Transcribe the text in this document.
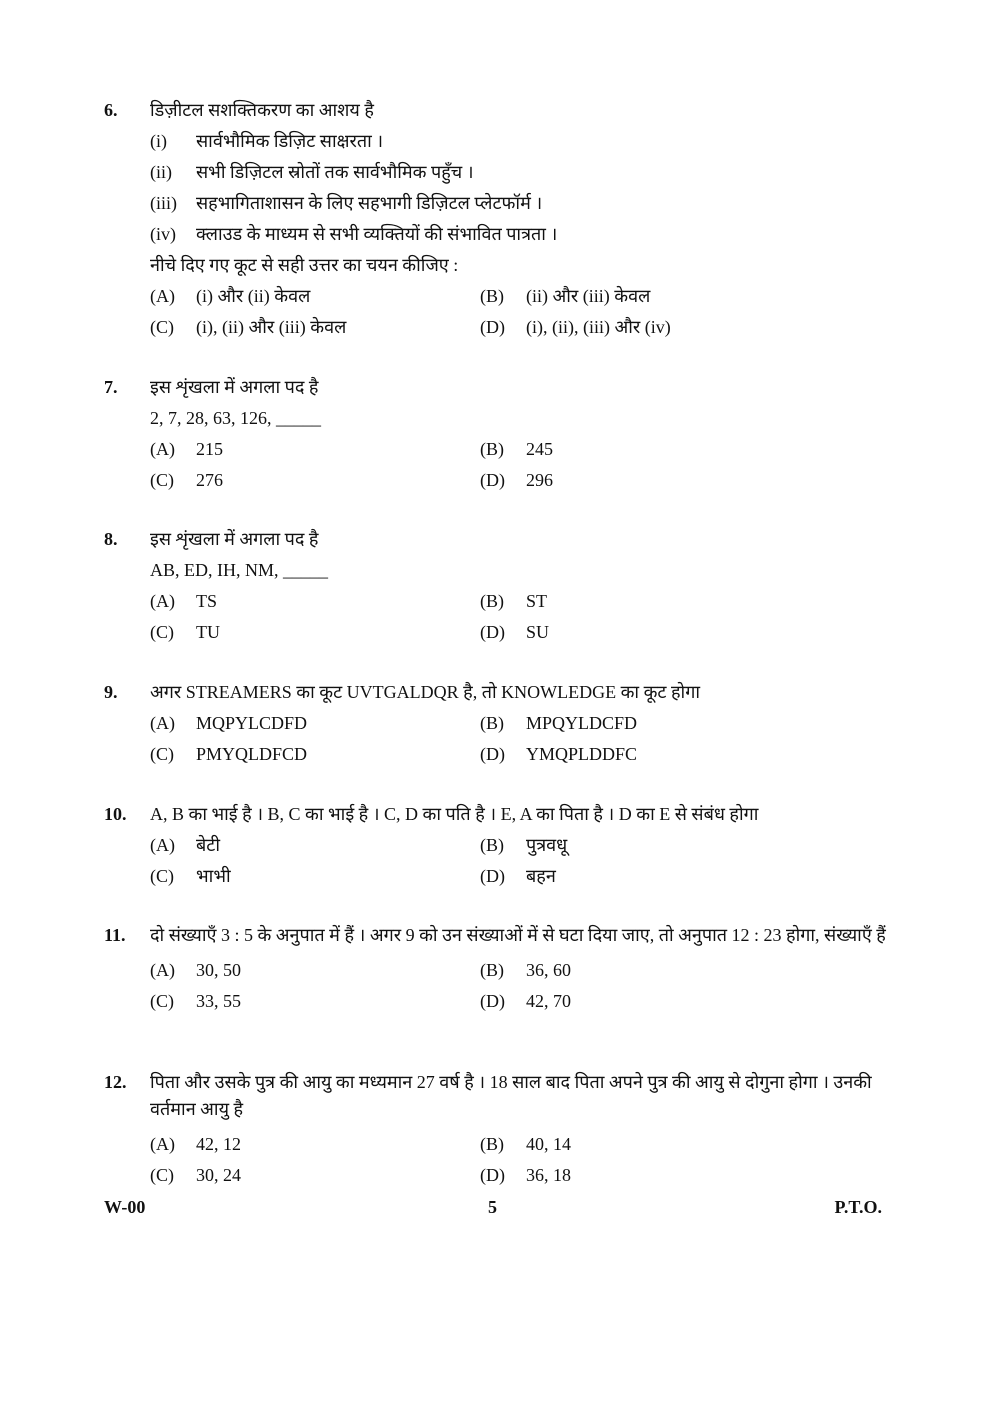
6. डिज़ीटल सशक्तिकरण का आशय है
(i) सार्वभौमिक डिज़िट साक्षरता ।
(ii) सभी डिज़िटल स्रोतों तक सार्वभौमिक पहुँच ।
(iii) सहभागिताशासन के लिए सहभागी डिज़िटल प्लेटफॉर्म ।
(iv) क्लाउड के माध्यम से सभी व्यक्तियों की संभावित पात्रता ।
नीचे दिए गए कूट से सही उत्तर का चयन कीजिए :
(A) (i) और (ii) केवल	(B) (ii) और (iii) केवल
(C) (i), (ii) और (iii) केवल	(D) (i), (ii), (iii) और (iv)
7. इस शृंखला में अगला पद है
2, 7, 28, 63, 126, _____
(A) 215	(B) 245
(C) 276	(D) 296
8. इस शृंखला में अगला पद है
AB, ED, IH, NM, _____
(A) TS	(B) ST
(C) TU	(D) SU
9. अगर STREAMERS का कूट UVTGALDQR है, तो KNOWLEDGE का कूट होगा
(A) MQPYLCDFD	(B) MPQYLDCFD
(C) PMYQLDFCD	(D) YMQPLDDFC
10. A, B का भाई है । B, C का भाई है । C, D का पति है । E, A का पिता है । D का E से संबंध होगा
(A) बेटी	(B) पुत्रवधू
(C) भाभी	(D) बहन
11. दो संख्याएँ 3 : 5 के अनुपात में हैं । अगर 9 को उन संख्याओं में से घटा दिया जाए, तो अनुपात 12 : 23 होगा, संख्याएँ हैं
(A) 30, 50	(B) 36, 60
(C) 33, 55	(D) 42, 70
12. पिता और उसके पुत्र की आयु का मध्यमान 27 वर्ष है । 18 साल बाद पिता अपने पुत्र की आयु से दोगुना होगा । उनकी वर्तमान आयु है
(A) 42, 12	(B) 40, 14
(C) 30, 24	(D) 36, 18
W-00	5	P.T.O.
